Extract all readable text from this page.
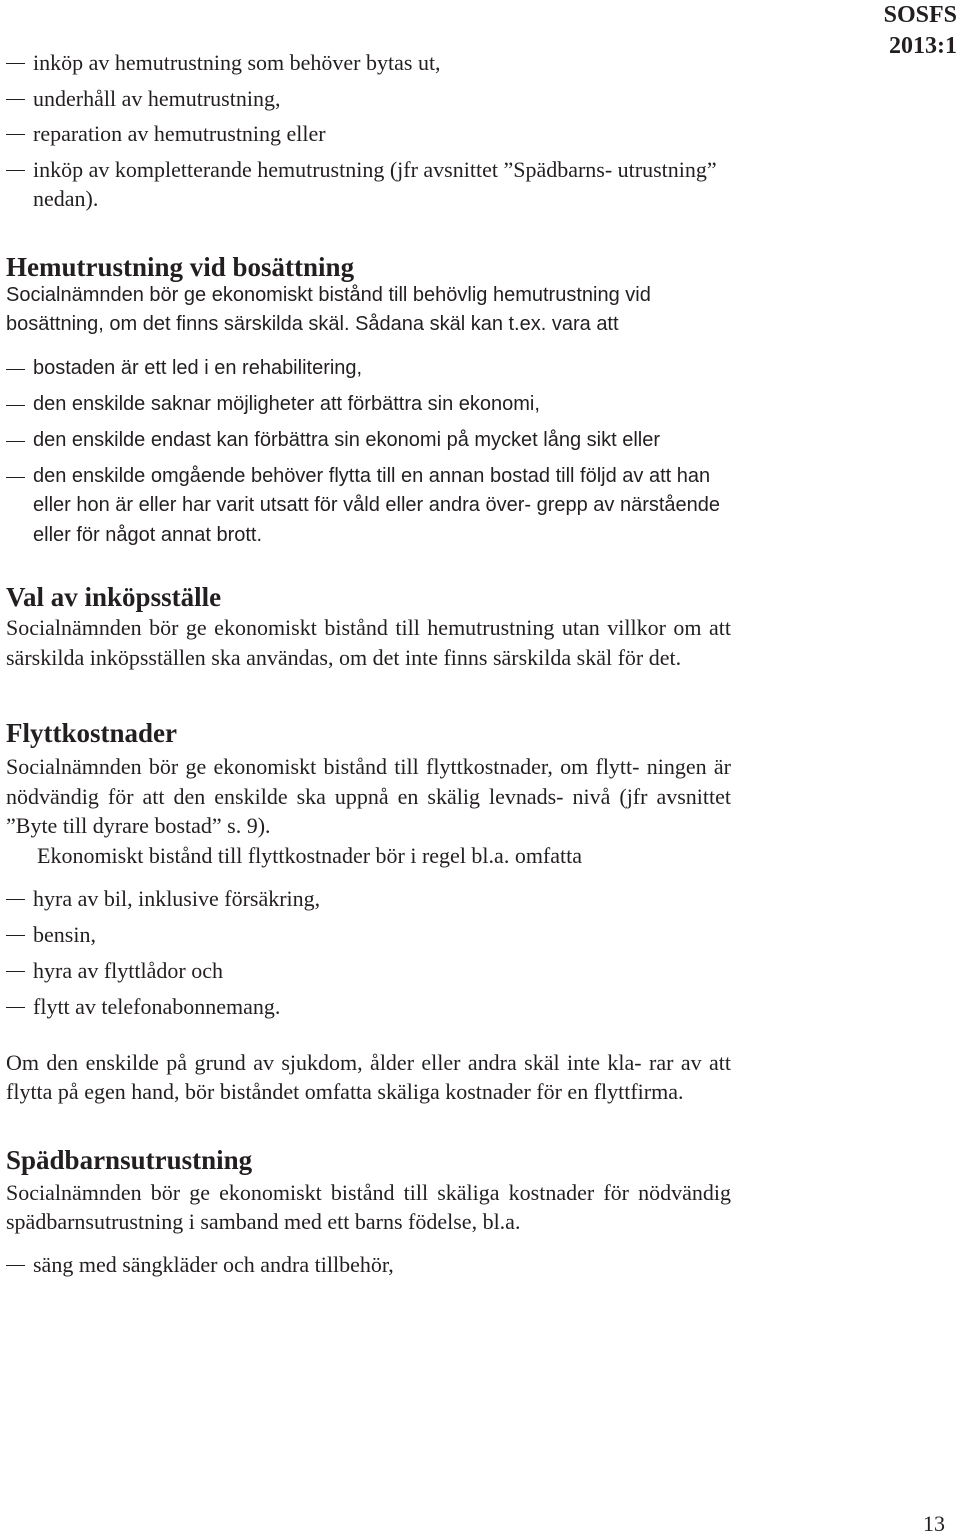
SOSFS
2013:1
inköp av hemutrustning som behöver bytas ut,
underhåll av hemutrustning,
reparation av hemutrustning eller
inköp av kompletterande hemutrustning (jfr avsnittet ”Spädbarns- utrustning” nedan).
Hemutrustning vid bosättning

Socialnämnden bör ge ekonomiskt bistånd till behövlig hemutrustning vid bosättning, om det finns särskilda skäl. Sådana skäl kan t.ex. vara att

bostaden är ett led i en rehabilitering,
den enskilde saknar möjligheter att förbättra sin ekonomi,
den enskilde endast kan förbättra sin ekonomi på mycket lång sikt eller
den enskilde omgående behöver flytta till en annan bostad till följd av att han eller hon är eller har varit utsatt för våld eller andra över- grepp av närstående eller för något annat brott.
Val av inköpsställe

Socialnämnden bör ge ekonomiskt bistånd till hemutrustning utan villkor om att särskilda inköpsställen ska användas, om det inte finns särskilda skäl för det.

Flyttkostnader

Socialnämnden bör ge ekonomiskt bistånd till flyttkostnader, om flytt- ningen är nödvändig för att den enskilde ska uppnå en skälig levnads- nivå (jfr avsnittet ”Byte till dyrare bostad” s. 9).

Ekonomiskt bistånd till flyttkostnader bör i regel bl.a. omfatta

hyra av bil, inklusive försäkring,
bensin,
hyra av flyttlådor och
flytt av telefonabonnemang.

Om den enskilde på grund av sjukdom, ålder eller andra skäl inte kla- rar av att flytta på egen hand, bör biståndet omfatta skäliga kostnader för en flyttfirma.

Spädbarnsutrustning

Socialnämnden bör ge ekonomiskt bistånd till skäliga kostnader för nödvändig spädbarnsutrustning i samband med ett barns födelse, bl.a.

säng med sängkläder och andra tillbehör,
13
